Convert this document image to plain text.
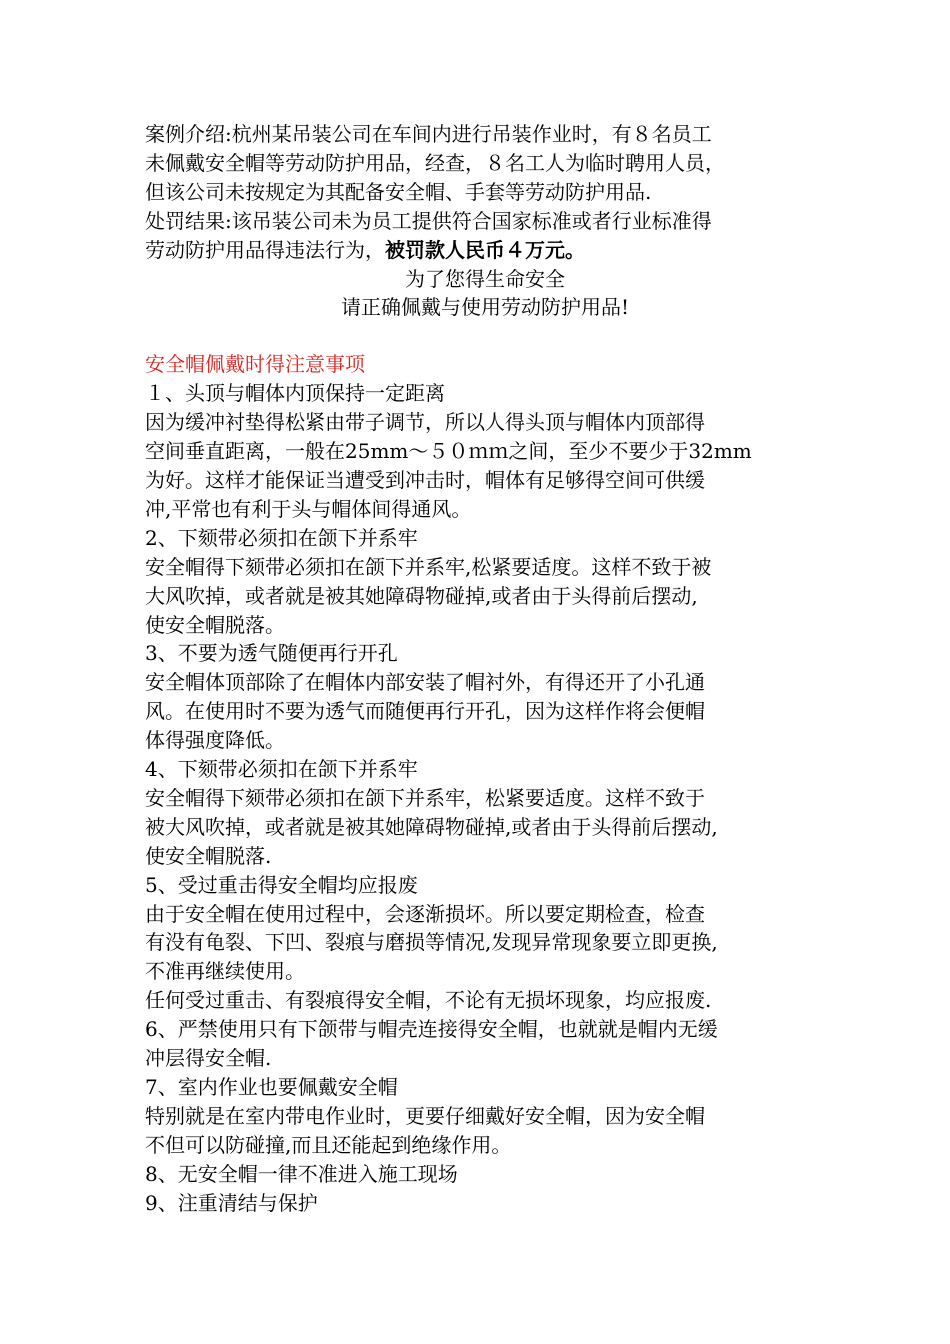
案例介绍:杭州某吊装公司在车间内进行吊装作业时，有８名员工
未佩戴安全帽等劳动防护用品，经查，８名工人为临时聘用人员，
但该公司未按规定为其配备安全帽、手套等劳动防护用品.
处罚结果:该吊装公司未为员工提供符合国家标准或者行业标准得
劳动防护用品得违法行为，被罚款人民币４万元。
为了您得生命安全
请正确佩戴与使用劳动防护用品!
安全帽佩戴时得注意事项
１、头顶与帽体内顶保持一定距离
因为缓冲衬垫得松紧由带子调节，所以人得头顶与帽体内顶部得
空间垂直距离，一般在25mm～５０ｍｍ之间，至少不要少于32mm
为好。这样才能保证当遭受到冲击时，帽体有足够得空间可供缓
冲,平常也有利于头与帽体间得通风。
2、下颏带必须扣在颌下并系牢
安全帽得下颏带必须扣在颌下并系牢,松紧要适度。这样不致于被
大风吹掉，或者就是被其她障碍物碰掉,或者由于头得前后摆动,
使安全帽脱落。
3、不要为透气随便再行开孔
安全帽体顶部除了在帽体内部安装了帽衬外，有得还开了小孔通
风。在使用时不要为透气而随便再行开孔，因为这样作将会便帽
体得强度降低。
4、下颏带必须扣在颌下并系牢
安全帽得下颏带必须扣在颌下并系牢，松紧要适度。这样不致于
被大风吹掉，或者就是被其她障碍物碰掉,或者由于头得前后摆动,
使安全帽脱落.
5、受过重击得安全帽均应报废
由于安全帽在使用过程中，会逐渐损坏。所以要定期检查，检查
有没有龟裂、下凹、裂痕与磨损等情况,发现异常现象要立即更换,
不准再继续使用。
任何受过重击、有裂痕得安全帽，不论有无损坏现象，均应报废.
6、严禁使用只有下颌带与帽壳连接得安全帽，也就就是帽内无缓
冲层得安全帽.
7、室内作业也要佩戴安全帽
特别就是在室内带电作业时，更要仔细戴好安全帽，因为安全帽
不但可以防碰撞,而且还能起到绝缘作用。
8、无安全帽一律不准进入施工现场
9、注重清结与保护
